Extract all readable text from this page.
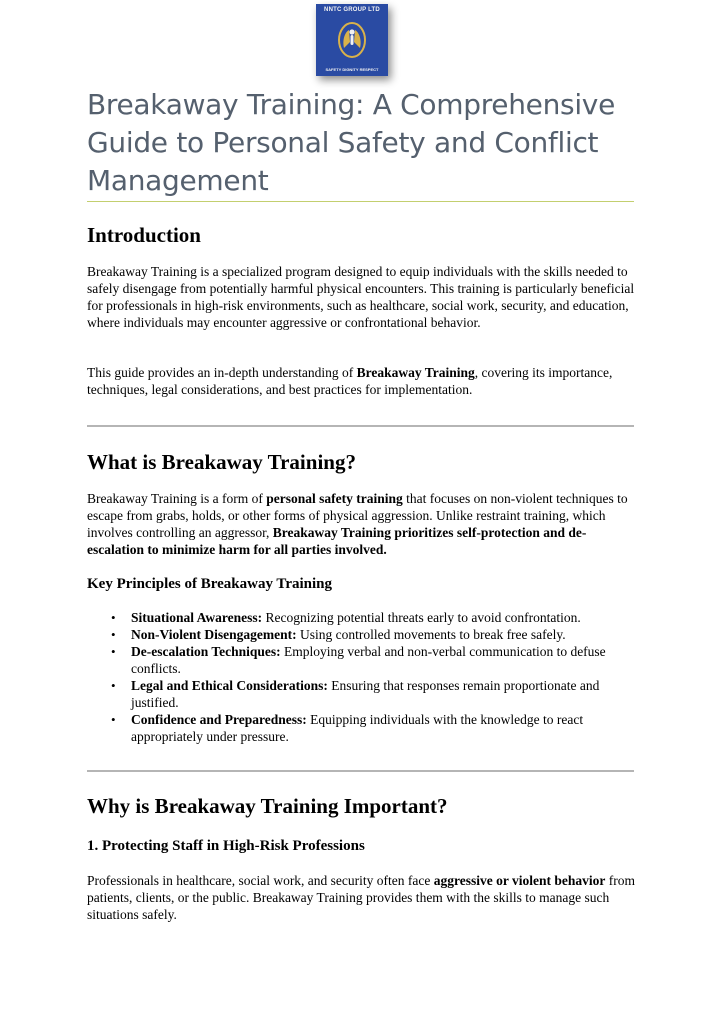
NNTC GROUP LTD
SAFETY DIGNITY RESPECT
Breakaway Training: A Comprehensive Guide to Personal Safety and Conflict Management
Introduction

Breakaway Training is a specialized program designed to equip individuals with the skills needed to safely disengage from potentially harmful physical encounters. This training is particularly beneficial for professionals in high-risk environments, such as healthcare, social work, security, and education, where individuals may encounter aggressive or confrontational behavior.

This guide provides an in-depth understanding of Breakaway Training, covering its importance, techniques, legal considerations, and best practices for implementation.

What is Breakaway Training?

Breakaway Training is a form of personal safety training that focuses on non-violent techniques to escape from grabs, holds, or other forms of physical aggression. Unlike restraint training, which involves controlling an aggressor, Breakaway Training prioritizes self-protection and de-escalation to minimize harm for all parties involved.

Key Principles of Breakaway Training
• Situational Awareness: Recognizing potential threats early to avoid confrontation.
• Non-Violent Disengagement: Using controlled movements to break free safely.
• De-escalation Techniques: Employing verbal and non-verbal communication to defuse conflicts.
• Legal and Ethical Considerations: Ensuring that responses remain proportionate and justified.
• Confidence and Preparedness: Equipping individuals with the knowledge to react appropriately under pressure.
Why is Breakaway Training Important?
1. Protecting Staff in High-Risk Professions

Professionals in healthcare, social work, and security often face aggressive or violent behavior from patients, clients, or the public. Breakaway Training provides them with the skills to manage such situations safely.
